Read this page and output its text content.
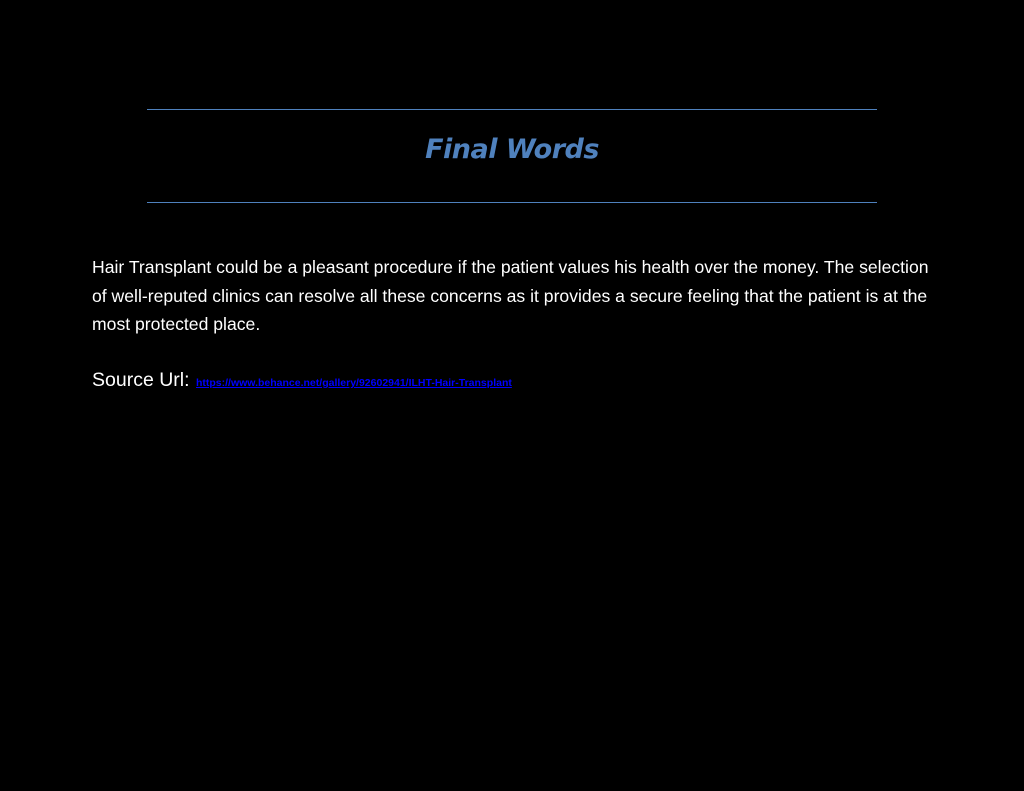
Final Words

Hair Transplant could be a pleasant procedure if the patient values his health over the money. The selection of well-reputed clinics can resolve all these concerns as it provides a secure feeling that the patient is at the most protected place.

Source Url: https://www.behance.net/gallery/92602941/ILHT-Hair-Transplant
